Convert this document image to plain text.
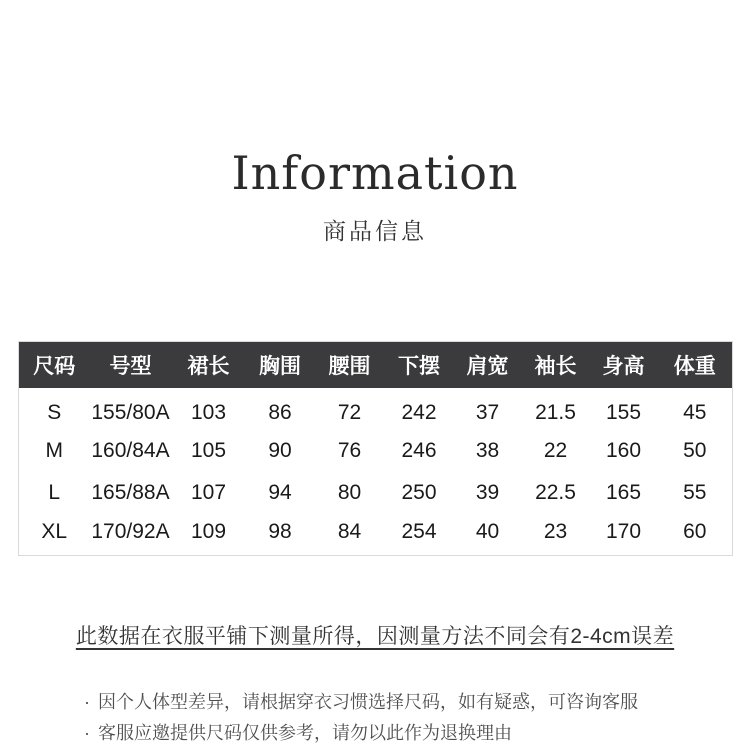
Information
商品信息
尺码	号型	裙长	胸围	腰围	下摆	肩宽	袖长	身高	体重
S	155/80A	103	86	72	242	37	21.5	155	45
M	160/84A	105	90	76	246	38	22	160	50
L	165/88A	107	94	80	250	39	22.5	165	55
XL	170/92A	109	98	84	254	40	23	170	60
此数据在衣服平铺下测量所得，因测量方法不同会有2-4cm误差
· 因个人体型差异，请根据穿衣习惯选择尺码，如有疑惑，可咨询客服
· 客服应邀提供尺码仅供参考，请勿以此作为退换理由
